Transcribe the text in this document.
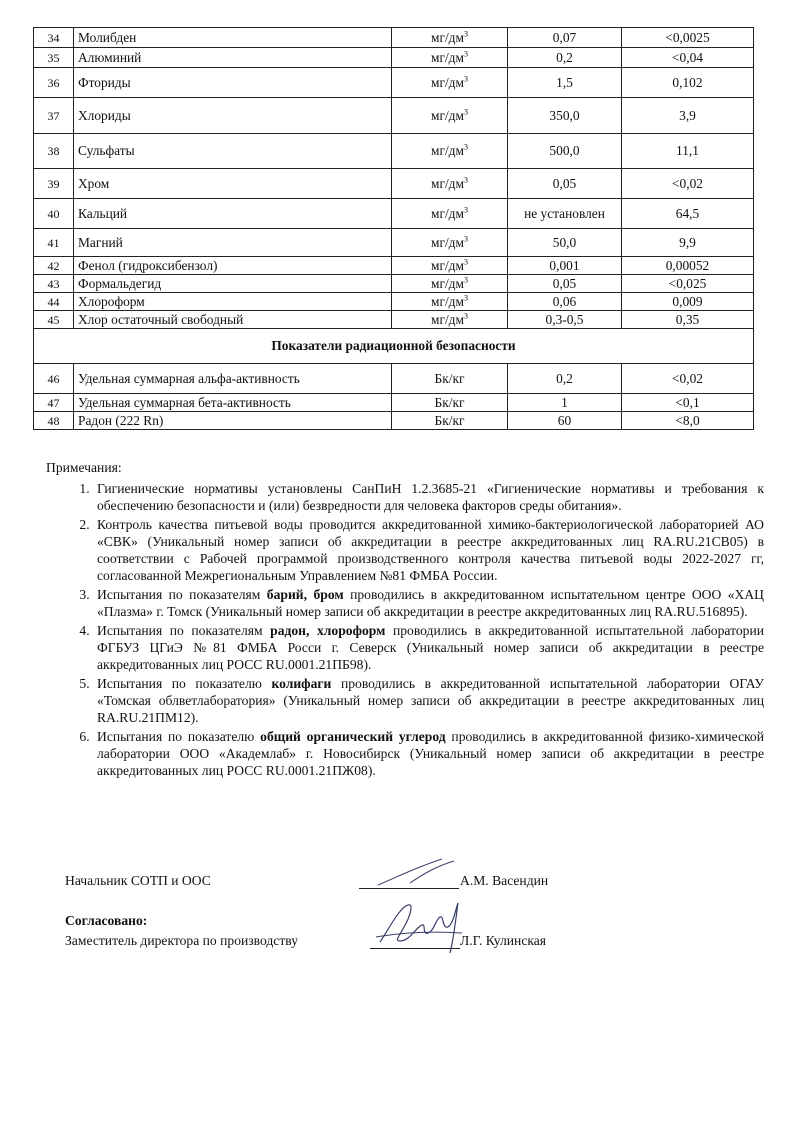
34	Молибден	$мг/дм^3$	0,07	<0,0025
35	Алюминий	$мг/дм^3$	0,2	<0,04
36	Фториды	$мг/дм^3$	1,5	0,102
37	Хлориды	$мг/дм^3$	350,0	3,9
38	Сульфаты	$мг/дм^3$	500,0	11,1
39	Хром	$мг/дм^3$	0,05	<0,02
40	Кальций	$мг/дм^3$	не установлен	64,5
41	Магний	$мг/дм^3$	50,0	9,9
42	Фенол (гидроксибензол)	$мг/дм^3$	0,001	0,00052
43	Формальдегид	$мг/дм^3$	0,05	<0,025
44	Хлороформ	$мг/дм^3$	0,06	0,009
45	Хлор остаточный свободный	$мг/дм^3$	0,3-0,5	0,35
Показатели радиационной безопасности				
46	Удельная суммарная альфа-активность	Бк/кг	0,2	<0,02
47	Удельная суммарная бета-активность	Бк/кг	1	<0,1
48	Радон (222 Rn)	Бк/кг	60	<8,0
Примечания:
1. Гигиенические нормативы установлены СанПиН 1.2.3685-21 «Гигиенические нормативы и требования к обеспечению безопасности и (или) безвредности для человека факторов среды обитания».
2. Контроль качества питьевой воды проводится аккредитованной химико-бактериологической лабораторией АО «СВК» (Уникальный номер записи об аккредитации в реестре аккредитованных лиц RA.RU.21СВ05) в соответствии с Рабочей программой производственного контроля качества питьевой воды 2022-2027 гг, согласованной Межрегиональным Управлением №81 ФМБА России.
3. Испытания по показателям барий, бром проводились в аккредитованном испытательном центре ООО «ХАЦ «Плазма» г. Томск (Уникальный номер записи об аккредитации в реестре аккредитованных лиц RA.RU.516895).
4. Испытания по показателям радон, хлороформ проводились в аккредитованной испытательной лаборатории ФГБУЗ ЦГиЭ №81 ФМБА Росси г. Северск (Уникальный номер записи об аккредитации в реестре аккредитованных лиц РОСС RU.0001.21ПБ98).
5. Испытания по показателю колифаги проводились в аккредитованной испытательной лаборатории ОГАУ «Томская облветлаборатория» (Уникальный номер записи об аккредитации в реестре аккредитованных лиц RA.RU.21ПМ12).
6. Испытания по показателю общий органический углерод проводились в аккредитованной физико-химической лаборатории ООО «Академлаб» г. Новосибирск (Уникальный номер записи об аккредитации в реестре аккредитованных лиц РОСС RU.0001.21ПЖ08).
Начальник СОТП и ООС	А.М. Васендин
Согласовано:
Заместитель директора по производству	Л.Г. Кулинская
